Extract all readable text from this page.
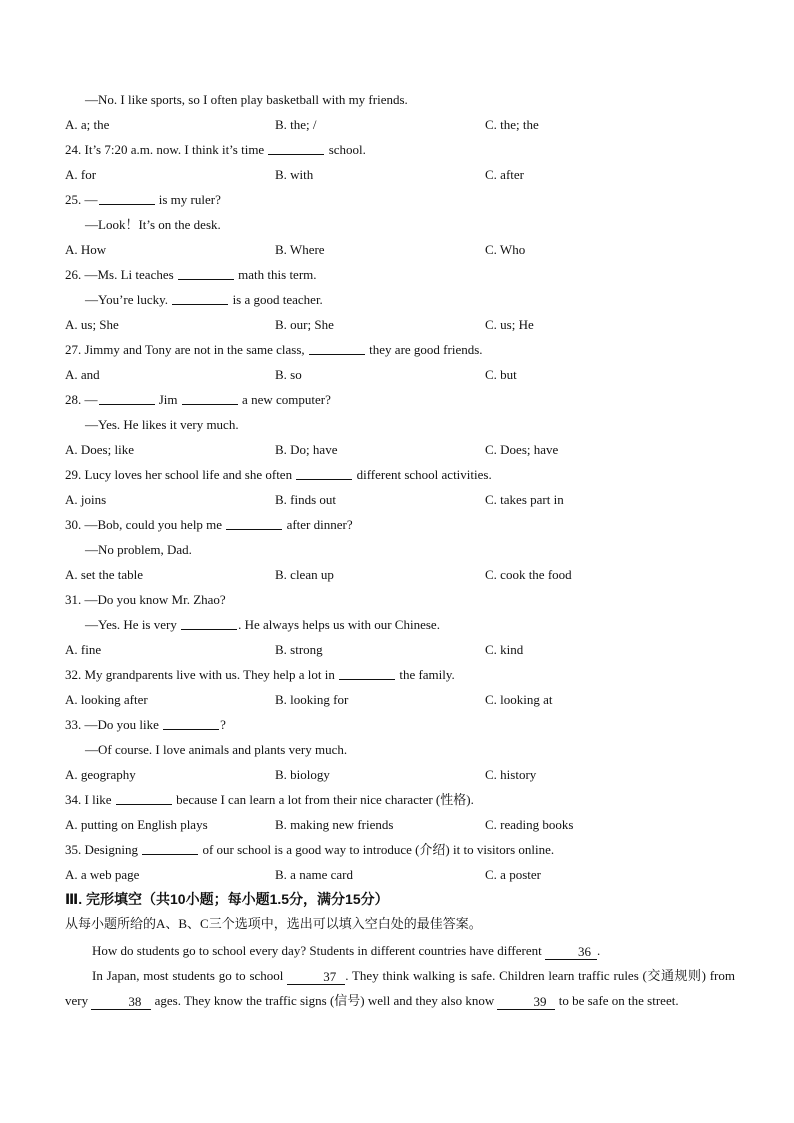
—No. I like sports, so I often play basketball with my friends.
A. a; the	B. the; /	C. the; the
24. It’s 7:20 a.m. now. I think it’s time	school.
A. for	B. with	C. after
25. —	is my ruler?
—Look！It’s on the desk.
A. How	B. Where	C. Who
26. —Ms. Li teaches	math this term.
—You’re lucky.	is a good teacher.
A. us; She	B. our; She	C. us; He
27. Jimmy and Tony are not in the same class,	they are good friends.
A. and	B. so	C. but
28. —	Jim	a new computer?
—Yes. He likes it very much.
A. Does; like	B. Do; have	C. Does; have
29. Lucy loves her school life and she often	different school activities.
A. joins	B. finds out	C. takes part in
30. —Bob, could you help me	after dinner?
—No problem, Dad.
A. set the table	B. clean up	C. cook the food
31. —Do you know Mr. Zhao?
—Yes. He is very	. He always helps us with our Chinese.
A. fine	B. strong	C. kind
32. My grandparents live with us. They help a lot in	the family.
A. looking after	B. looking for	C. looking at
33. —Do you like	?
—Of course. I love animals and plants very much.
A. geography	B. biology	C. history
34. I like	because I can learn a lot from their nice character (性格).
A. putting on English plays	B. making new friends	C. reading books
35. Designing	of our school is a good way to introduce (介绍) it to visitors online.
A. a web page	B. a name card	C. a poster
Ⅲ. 完形填空（共10小题；每小题1.5分，满分15分）
从每小题所给的A、B、C三个选项中，选出可以填入空白处的最佳答案。

How do students go to school every day? Students in different countries have different	36 .

In Japan, most students go to school	37 . They think walking is safe. Children learn traffic rules (交通规则) from very	38 ages. They know the traffic signs (信号) well and they also know	39 to be safe on the street.
